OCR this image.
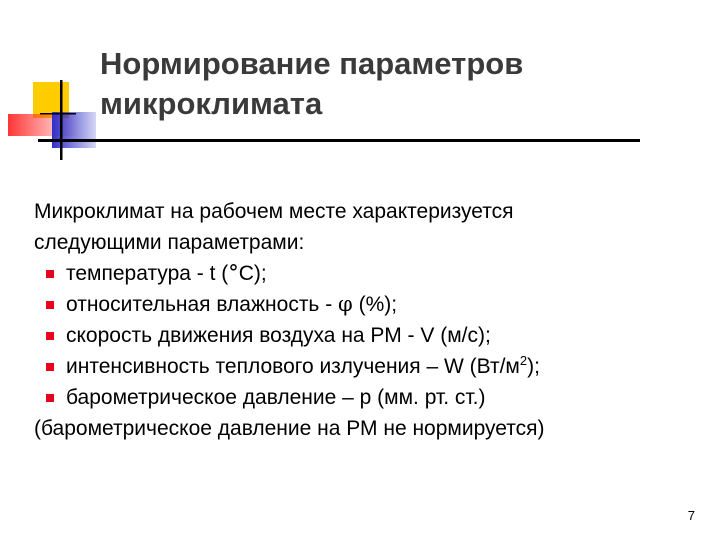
Нормирование параметров
микроклимата
Микроклимат на рабочем месте характеризуется
следующими параметрами:
температура - t (°С);
относительная влажность - φ (%);
скорость движения воздуха на РМ - V (м/с);
интенсивность теплового излучения – W $(Вт/м^2)$;
барометрическое давление – р (мм. рт. ст.)
(барометрическое давление на РМ не нормируется)
7
